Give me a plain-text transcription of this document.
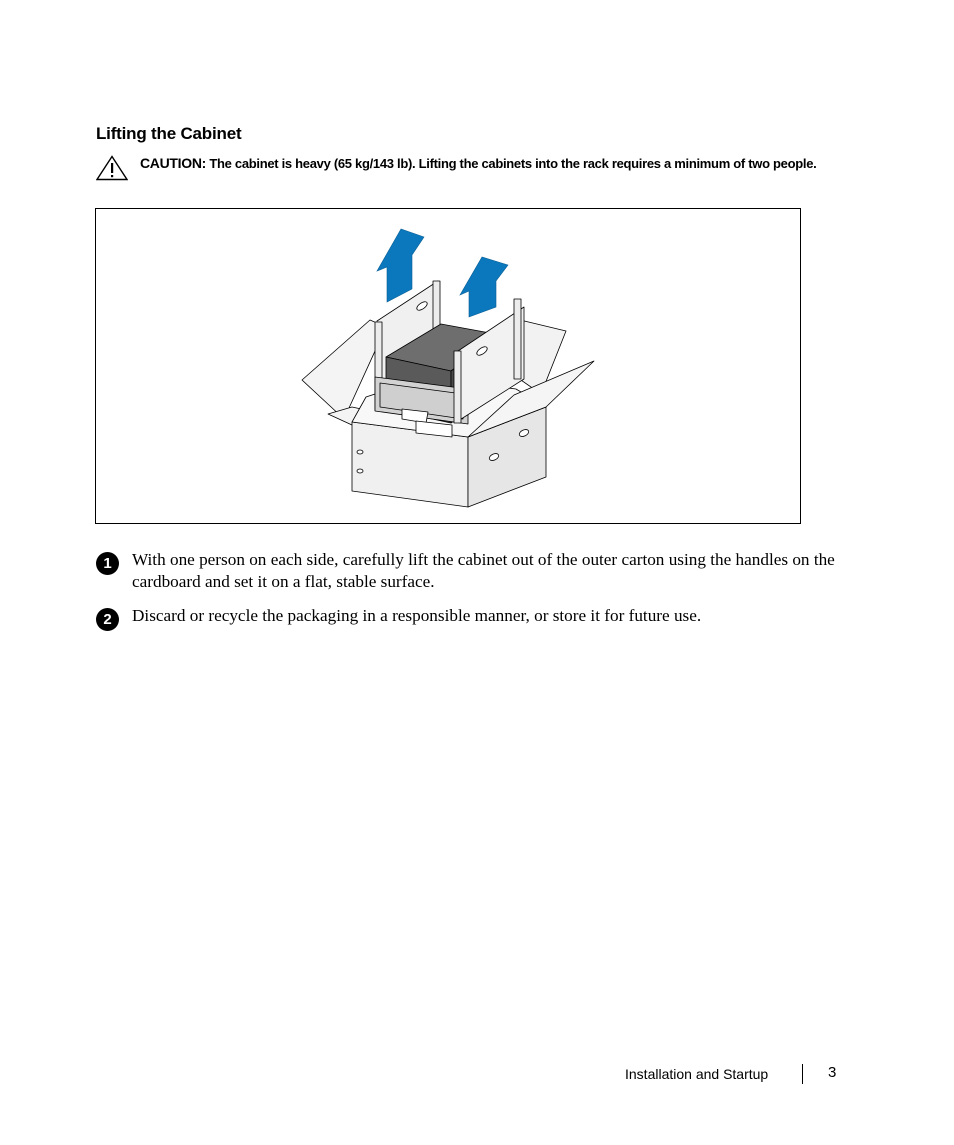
Lifting the Cabinet
CAUTION: The cabinet is heavy (65 kg/143 lb). Lifting the cabinets into the rack requires a minimum of two people.
1	With one person on each side, carefully lift the cabinet out of the outer carton using the handles on the cardboard and set it on a flat, stable surface.
2	Discard or recycle the packaging in a responsible manner, or store it for future use.
Installation and Startup	3
